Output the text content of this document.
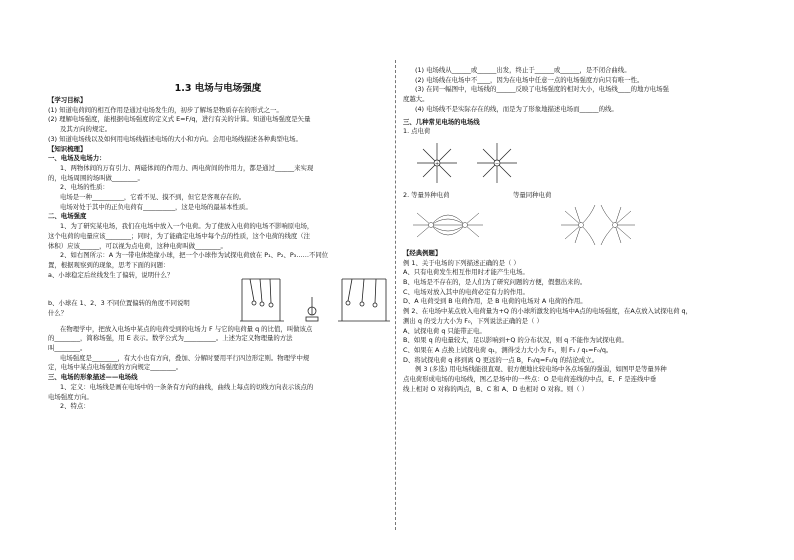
1.3 电场与电场强度
【学习目标】
(1) 知道电荷间的相互作用是通过电场发生的，初步了解场是物质存在的形式之一。
(2) 理解电场强度，能根据电场强度的定义式 E=F/q，进行有关的计算。知道电场强度是矢量
及其方向的规定。
(3) 知道电场线以及如何用电场线描述电场的大小和方向。会用电场线描述各种典型电场。
【知识梳理】
一、电场及电场力：
1、两物体间的万有引力、两磁体间的作用力、两电荷间的作用力，都是通过______来实现
的，电场周围的场叫做________。
2、电场的性质：
电场是一种__________，它看不见、摸不到，但它是客观存在的。
电场对处于其中的正负电荷有__________，这是电场的最基本性质。
二、电场强度
1、为了研究某电场，我们在电场中放入一个电荷。为了使放入电荷的电场不影响原电场，
这个电荷的电量应该________；同时，为了能确定电场中每个点的性质，这个电荷的线度（注
体积）应该______，可以视为点电荷，这种电荷叫做________。
2、如右图所示：A 为一带电体绝缘小球，把一个小球作为试探电荷放在 P₁、P₂、P₃……不同位
置，根据观察到的现象，思考下面的问题：
a、小球稳定后丝线发生了偏转，说明什么？
b、小球在 1、2、3 不同位置偏转的角度不同说明
什么？
在物理学中，把放入电场中某点的电荷受到的电场力 F 与它的电荷量 q 的比值，叫做该点
的________，简称场强，用 E 表示。数学公式为__________。上述为定义物理量的方法
叫________。
电场强度是________，有大小也有方向，叠加、分解时要用平行四边形定则。物理学中规
定，电场中某点电场强度的方向规定________。
三、电场的形象描述——电场线
1、定义：电场线是画在电场中的一条条有方向的曲线，曲线上每点的切线方向表示该点的
电场强度方向。
2、特点：
(1) 电场线从______或______出发，终止于______或______，是不闭合曲线。
(2) 电场线在电场中不____，因为在电场中任意一点的电场强度方向只有唯一性。
(3) 在同一幅图中，电场线的______反映了电场强度的相对大小，电场线____的地方电场强
度越大。
(4) 电场线不是实际存在的线，而是为了形象地描述电场而______的线。
三、几种常见电场的电场线
1. 点电荷
+	−
2. 等量异种电荷	等量同种电荷
【经典例题】
例 1、关于电场的下列描述正确的是（ ）
A、只有电荷发生相互作用时才能产生电场。
B、电场是不存在的，是人们为了研究问题的方便，假想出来的。
C、电场对放入其中的电荷必定有力的作用。
D、A 电荷受到 B 电荷作用，是 B 电荷的电场对 A 电荷的作用。
例 2、在电场中某点放入电荷量为+Q 的小球所激发的电场中A点的电场强度，在A点放入试探电荷 q，
测出 q 的受力大小为 F₀，下列说法正确的是（ ）
A、试探电荷 q 只能带正电。
B、如果 q 的电量较大，足以影响到+Q 的分布状况，则 q 不能作为试探电荷。
C、如果在 A 点换上试探电荷 q₁，测得受力大小为 F₁，则 F₁ / q₁=F₀/q。
D、将试探电荷 q 移到离 Q 更远的一点 B，F₀/q=F₀/q 的结论成立。
例 3 (多选) 用电场线能很直观、很方便地比较电场中各点场强的强弱，如图甲是等量异种
点电荷形成电场的电场线，图乙是场中的一些点：O 是电荷连线的中点，E、F 是连线中垂
线上相对 O 对称的两点，B、C 和 A、D 也相对 O 对称。则（ ）
